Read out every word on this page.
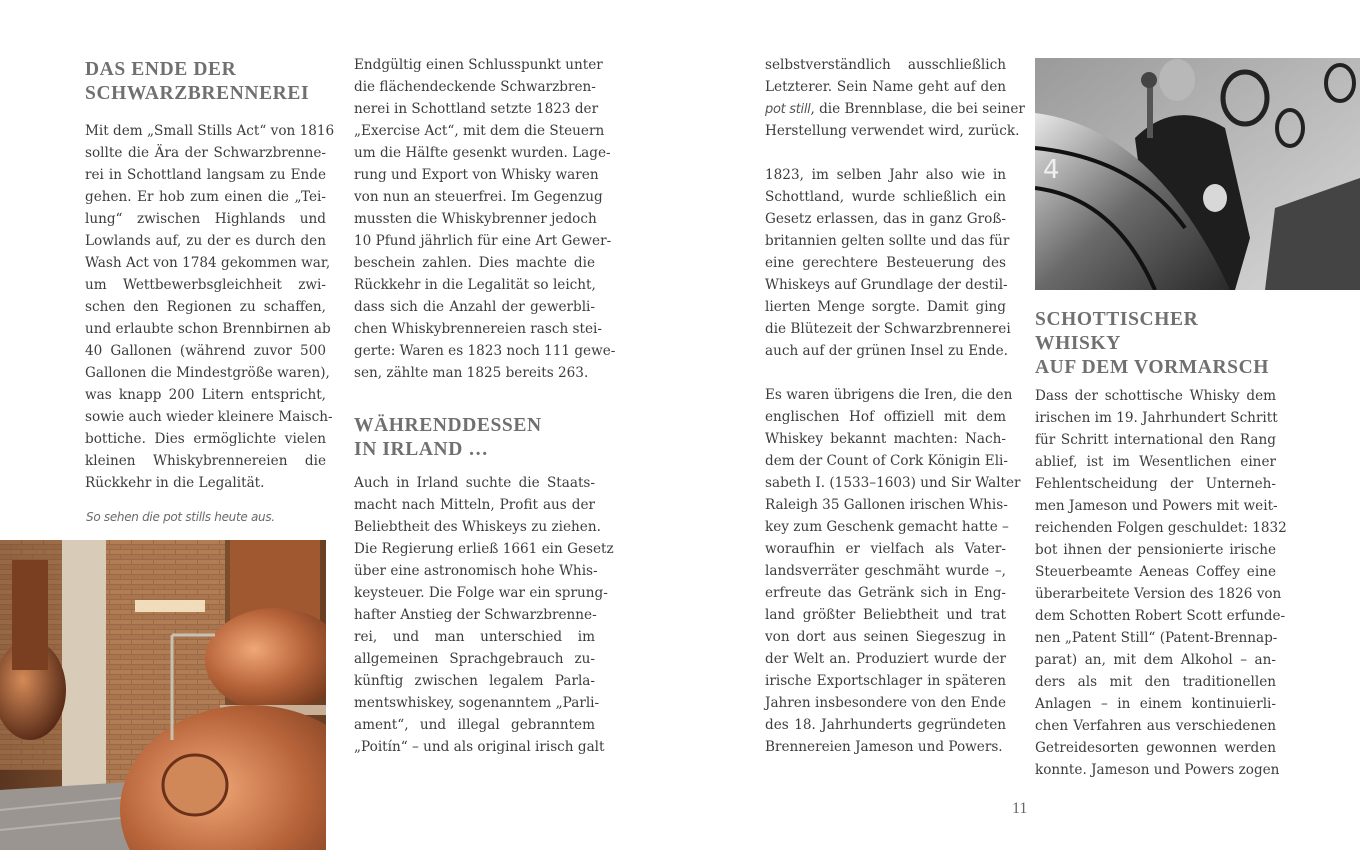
DAS ENDE DER
SCHWARZBRENNEREI
Mit dem „Small Stills Act“ von 1816
sollte die Ära der Schwarzbrenne-
rei in Schottland langsam zu Ende
gehen. Er hob zum einen die „Tei-
lung“ zwischen Highlands und
Lowlands auf, zu der es durch den
Wash Act von 1784 gekommen war,
um Wettbewerbsgleichheit zwi-
schen den Regionen zu schaffen,
und erlaubte schon Brennbirnen ab
40 Gallonen (während zuvor 500
Gallonen die Mindestgröße waren),
was knapp 200 Litern entspricht,
sowie auch wieder kleinere Maisch-
bottiche. Dies ermöglichte vielen
kleinen Whiskybrennereien die
Rückkehr in die Legalität.
So sehen die pot stills heute aus.
Endgültig einen Schlusspunkt unter
die flächendeckende Schwarzbren-
nerei in Schottland setzte 1823 der
„Exercise Act“, mit dem die Steuern
um die Hälfte gesenkt wurden. Lage-
rung und Export von Whisky waren
von nun an steuerfrei. Im Gegenzug
mussten die Whiskybrenner jedoch
10 Pfund jährlich für eine Art Gewer-
beschein zahlen. Dies machte die
Rückkehr in die Legalität so leicht,
dass sich die Anzahl der gewerbli-
chen Whiskybrennereien rasch stei-
gerte: Waren es 1823 noch 111 gewe-
sen, zählte man 1825 bereits 263.
WÄHRENDDESSEN
IN IRLAND …
Auch in Irland suchte die Staats-
macht nach Mitteln, Profit aus der
Beliebtheit des Whiskeys zu ziehen.
Die Regierung erließ 1661 ein Gesetz
über eine astronomisch hohe Whis-
keysteuer. Die Folge war ein sprung-
hafter Anstieg der Schwarzbrenne-
rei, und man unterschied im
allgemeinen Sprachgebrauch zu-
künftig zwischen legalem Parla-
mentswhiskey, sogenanntem „Parli-
ament“, und illegal gebranntem
„Poitín“ – und als original irisch galt
selbstverständlich ausschließlich
Letzterer. Sein Name geht auf den
pot still, die Brennblase, die bei seiner
Herstellung verwendet wird, zurück.
1823, im selben Jahr also wie in
Schottland, wurde schließlich ein
Gesetz erlassen, das in ganz Groß-
britannien gelten sollte und das für
eine gerechtere Besteuerung des
Whiskeys auf Grundlage der destil-
lierten Menge sorgte. Damit ging
die Blütezeit der Schwarzbrennerei
auch auf der grünen Insel zu Ende.
Es waren übrigens die Iren, die den
englischen Hof offiziell mit dem
Whiskey bekannt machten: Nach-
dem der Count of Cork Königin Eli-
sabeth I. (1533–1603) und Sir Walter
Raleigh 35 Gallonen irischen Whis-
key zum Geschenk gemacht hatte –
woraufhin er vielfach als Vater-
landsverräter geschmäht wurde –,
erfreute das Getränk sich in Eng-
land größter Beliebtheit und trat
von dort aus seinen Siegeszug in
der Welt an. Produziert wurde der
irische Exportschlager in späteren
Jahren insbesondere von den Ende
des 18. Jahrhunderts gegründeten
Brennereien Jameson und Powers.
4
SCHOTTISCHER WHISKY
AUF DEM VORMARSCH
Dass der schottische Whisky dem
irischen im 19. Jahrhundert Schritt
für Schritt international den Rang
ablief, ist im Wesentlichen einer
Fehlentscheidung der Unterneh-
men Jameson und Powers mit weit-
reichenden Folgen geschuldet: 1832
bot ihnen der pensionierte irische
Steuerbeamte Aeneas Coffey eine
überarbeitete Version des 1826 von
dem Schotten Robert Scott erfunde-
nen „Patent Still“ (Patent-Brennap-
parat) an, mit dem Alkohol – an-
ders als mit den traditionellen
Anlagen – in einem kontinuierli-
chen Verfahren aus verschiedenen
Getreidesorten gewonnen werden
konnte. Jameson und Powers zogen
11
